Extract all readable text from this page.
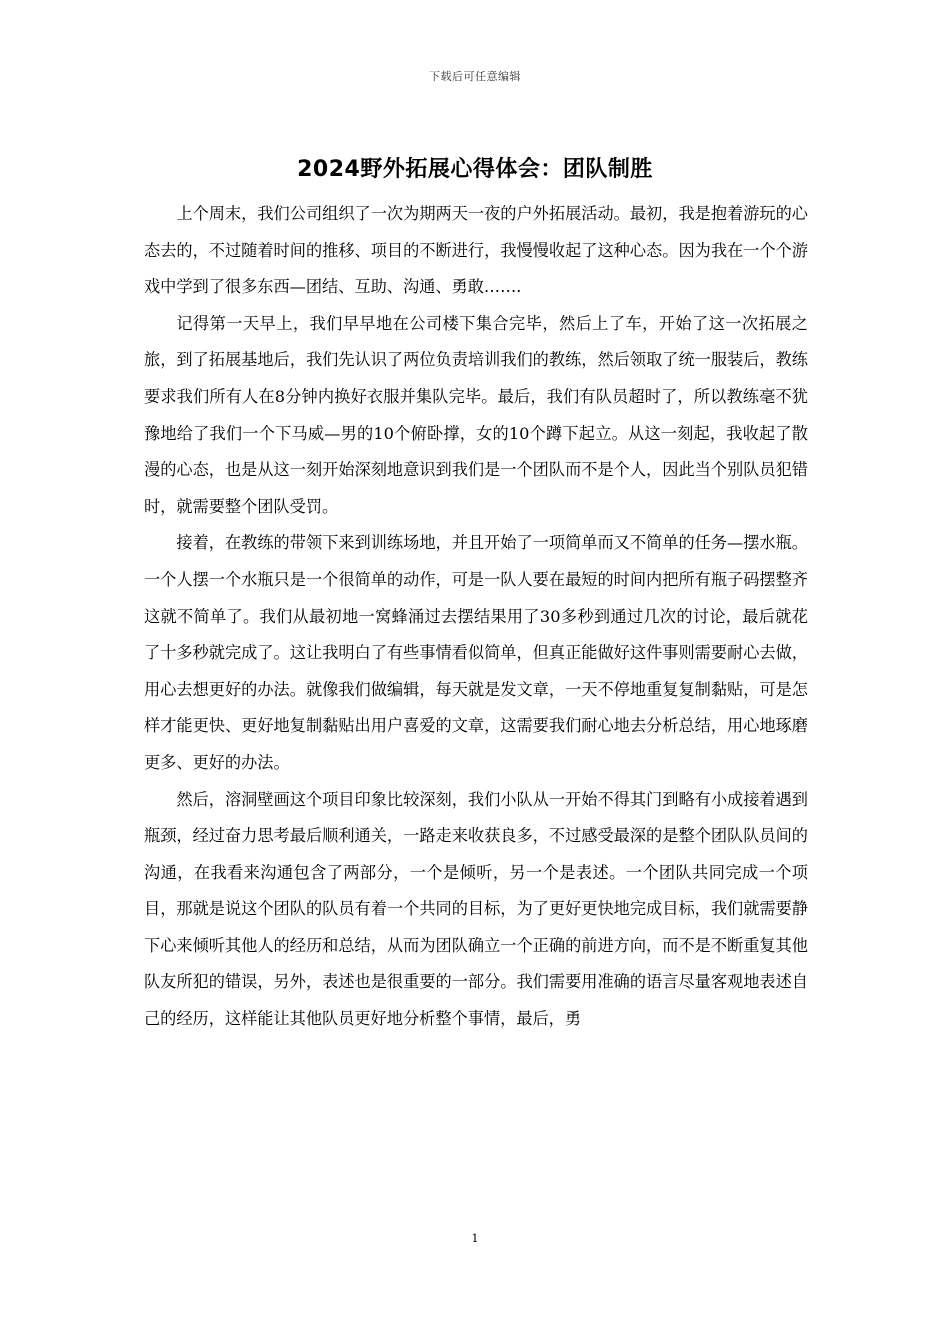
下载后可任意编辑
2024野外拓展心得体会：团队制胜

上个周末，我们公司组织了一次为期两天一夜的户外拓展活动。最初，我是抱着游玩的心态去的，不过随着时间的推移、项目的不断进行，我慢慢收起了这种心态。因为我在一个个游戏中学到了很多东西—团结、互助、沟通、勇敢…….

记得第一天早上，我们早早地在公司楼下集合完毕，然后上了车，开始了这一次拓展之旅，到了拓展基地后，我们先认识了两位负责培训我们的教练，然后领取了统一服装后，教练要求我们所有人在8分钟内换好衣服并集队完毕。最后，我们有队员超时了，所以教练毫不犹豫地给了我们一个下马威—男的10个俯卧撑，女的10个蹲下起立。从这一刻起，我收起了散漫的心态，也是从这一刻开始深刻地意识到我们是一个团队而不是个人，因此当个别队员犯错时，就需要整个团队受罚。

接着，在教练的带领下来到训练场地，并且开始了一项简单而又不简单的任务—摆水瓶。一个人摆一个水瓶只是一个很简单的动作，可是一队人要在最短的时间内把所有瓶子码摆整齐这就不简单了。我们从最初地一窝蜂涌过去摆结果用了30多秒到通过几次的讨论，最后就花了十多秒就完成了。这让我明白了有些事情看似简单，但真正能做好这件事则需要耐心去做，用心去想更好的办法。就像我们做编辑，每天就是发文章，一天不停地重复复制黏贴，可是怎样才能更快、更好地复制黏贴出用户喜爱的文章，这需要我们耐心地去分析总结，用心地琢磨更多、更好的办法。

然后，溶洞壁画这个项目印象比较深刻，我们小队从一开始不得其门到略有小成接着遇到瓶颈，经过奋力思考最后顺利通关，一路走来收获良多，不过感受最深的是整个团队队员间的沟通，在我看来沟通包含了两部分，一个是倾听，另一个是表述。一个团队共同完成一个项目，那就是说这个团队的队员有着一个共同的目标，为了更好更快地完成目标，我们就需要静下心来倾听其他人的经历和总结，从而为团队确立一个正确的前进方向，而不是不断重复其他队友所犯的错误，另外，表述也是很重要的一部分。我们需要用准确的语言尽量客观地表述自己的经历，这样能让其他队员更好地分析整个事情，最后，勇

1
